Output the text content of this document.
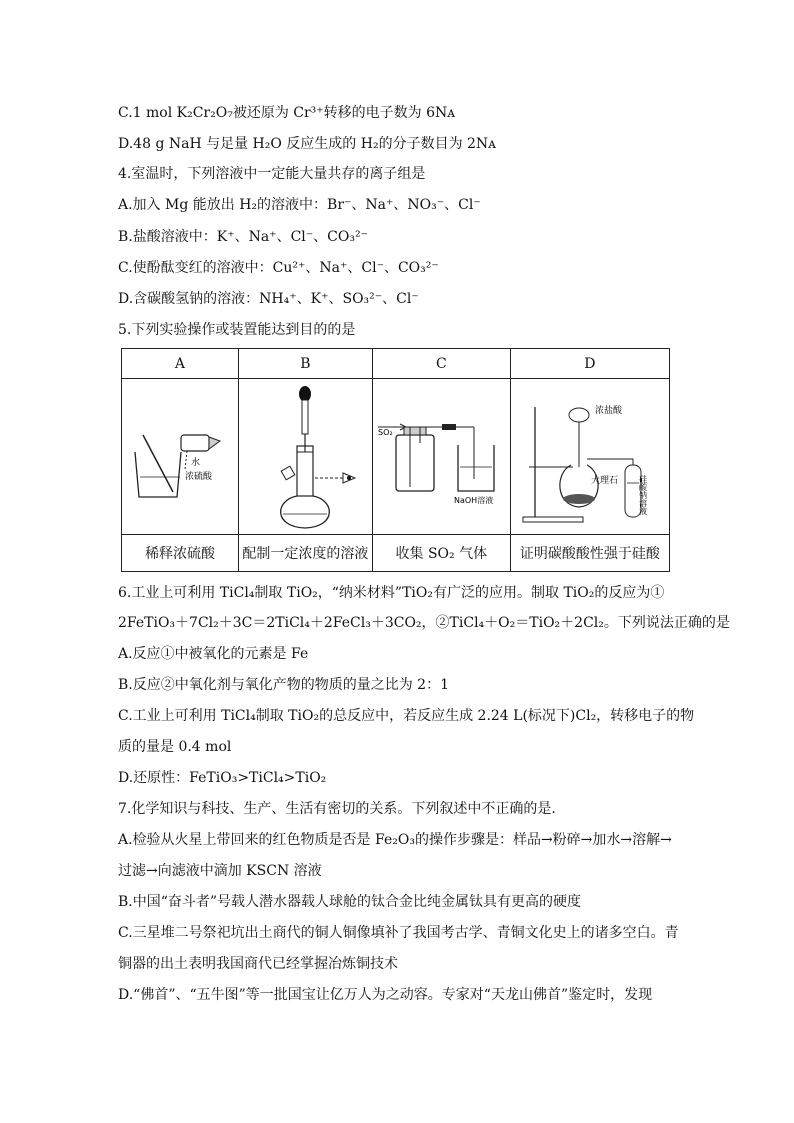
C.1 mol K₂Cr₂O₇被还原为 Cr³⁺转移的电子数为 6Nᴀ
D.48 g NaH 与足量 H₂O 反应生成的 H₂的分子数目为 2Nᴀ
4.室温时，下列溶液中一定能大量共存的离子组是
A.加入 Mg 能放出 H₂的溶液中：Br⁻、Na⁺、NO₃⁻、Cl⁻
B.盐酸溶液中：K⁺、Na⁺、Cl⁻、CO₃²⁻
C.使酚酞变红的溶液中：Cu²⁺、Na⁺、Cl⁻、CO₃²⁻
D.含碳酸氢钠的溶液：NH₄⁺、K⁺、SO₃²⁻、Cl⁻
5.下列实验操作或装置能达到目的的是
A	B	C	D

水
浓硫酸		SO₂
NaOH溶液	浓盐酸
大理石 硅酸钠溶液

稀释浓硫酸	配制一定浓度的溶液	收集 SO₂ 气体	证明碳酸酸性强于硅酸
6.工业上可利用 TiCl₄制取 TiO₂，“纳米材料”TiO₂有广泛的应用。制取 TiO₂的反应为①
2FeTiO₃＋7Cl₂＋3C＝2TiCl₄＋2FeCl₃＋3CO₂，②TiCl₄＋O₂＝TiO₂＋2Cl₂。下列说法正确的是
A.反应①中被氧化的元素是 Fe
B.反应②中氧化剂与氧化产物的物质的量之比为 2：1
C.工业上可利用 TiCl₄制取 TiO₂的总反应中，若反应生成 2.24 L(标况下)Cl₂，转移电子的物
质的量是 0.4 mol
D.还原性：FeTiO₃>TiCl₄>TiO₂
7.化学知识与科技、生产、生活有密切的关系。下列叙述中不正确的是.
A.检验从火星上带回来的红色物质是否是 Fe₂O₃的操作步骤是：样品→粉碎→加水→溶解→
过滤→向滤液中滴加 KSCN 溶液
B.中国“奋斗者”号载人潜水器载人球舱的钛合金比纯金属钛具有更高的硬度
C.三星堆二号祭祀坑出土商代的铜人铜像填补了我国考古学、青铜文化史上的诸多空白。青
铜器的出土表明我国商代已经掌握冶炼铜技术
D.“佛首”、“五牛图”等一批国宝让亿万人为之动容。专家对“天龙山佛首”鉴定时，发现
